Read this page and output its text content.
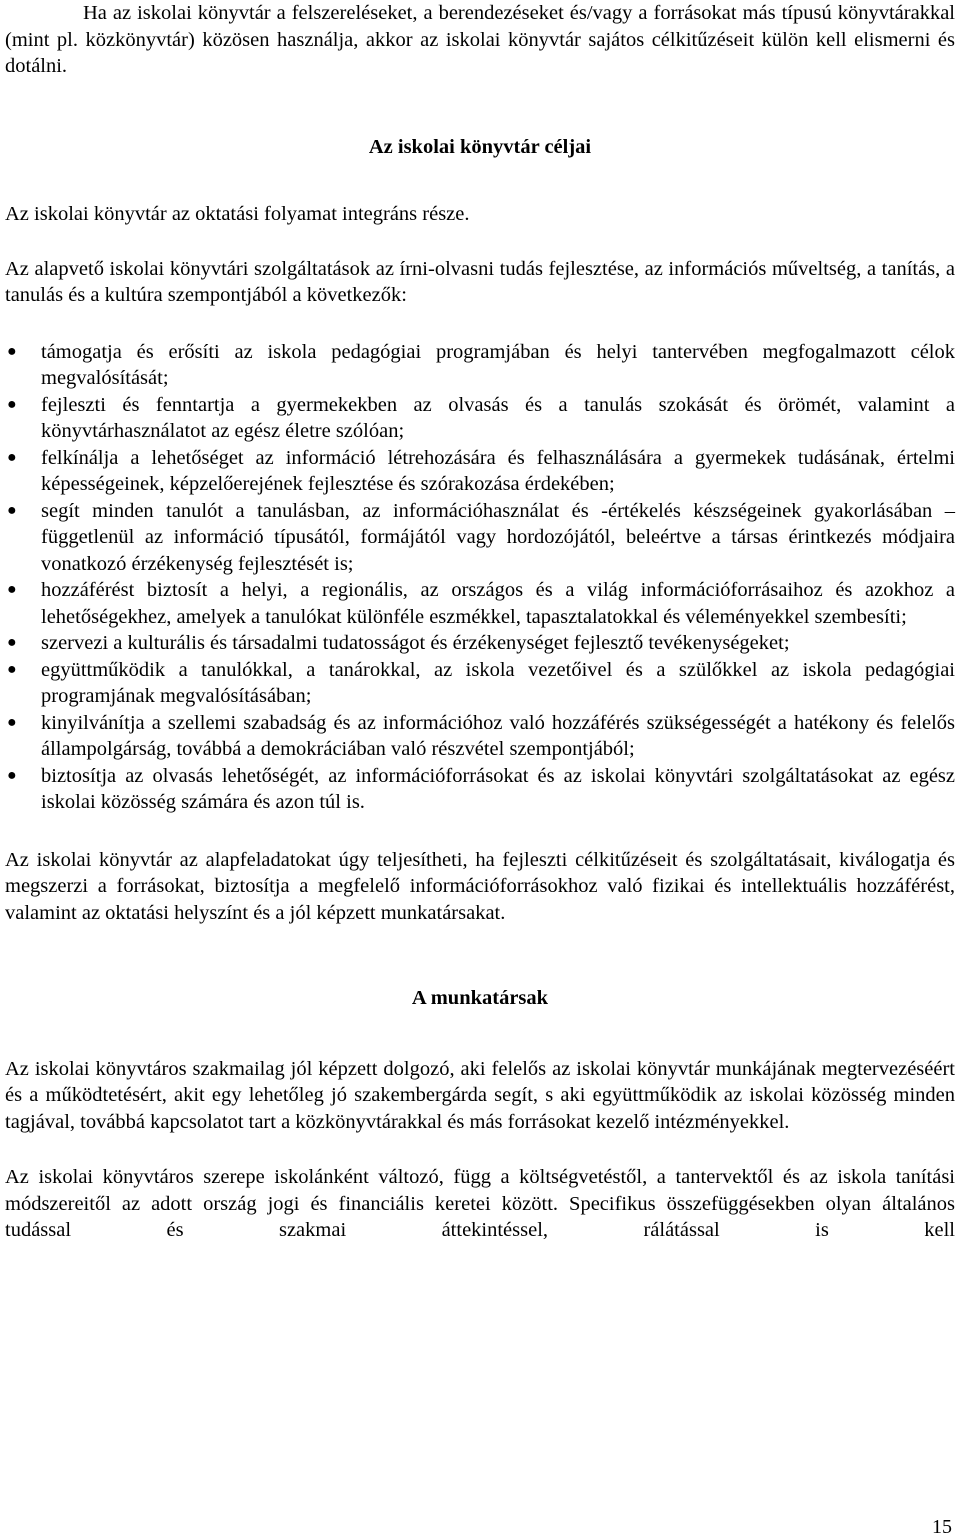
Ha az iskolai könyvtár a felszereléseket, a berendezéseket és/vagy a forrásokat más típusú könyvtárakkal (mint pl. közkönyvtár) közösen használja, akkor az iskolai könyvtár sajátos célkitűzéseit külön kell elismerni és dotálni.

Az iskolai könyvtár céljai

Az iskolai könyvtár az oktatási folyamat integráns része.

Az alapvető iskolai könyvtári szolgáltatások az írni-olvasni tudás fejlesztése, az információs műveltség, a tanítás, a tanulás és a kultúra szempontjából a következők:

● támogatja és erősíti az iskola pedagógiai programjában és helyi tantervében megfogalmazott célok megvalósítását;
● fejleszti és fenntartja a gyermekekben az olvasás és a tanulás szokását és örömét, valamint a könyvtárhasználatot az egész életre szólóan;
● felkínálja a lehetőséget az információ létrehozására és felhasználására a gyermekek tudásának, értelmi képességeinek, képzelőerejének fejlesztése és szórakozása érdekében;
● segít minden tanulót a tanulásban, az információhasználat és -értékelés készségeinek gyakorlásában – függetlenül az információ típusától, formájától vagy hordozójától, beleértve a társas érintkezés módjaira vonatkozó érzékenység fejlesztését is;
● hozzáférést biztosít a helyi, a regionális, az országos és a világ információforrásaihoz és azokhoz a lehetőségekhez, amelyek a tanulókat különféle eszmékkel, tapasztalatokkal és véleményekkel szembesíti;
● szervezi a kulturális és társadalmi tudatosságot és érzékenységet fejlesztő tevékenységeket;
● együttműködik a tanulókkal, a tanárokkal, az iskola vezetőivel és a szülőkkel az iskola pedagógiai programjának megvalósításában;
● kinyilvánítja a szellemi szabadság és az információhoz való hozzáférés szükségességét a hatékony és felelős állampolgárság, továbbá a demokráciában való részvétel szempontjából;
● biztosítja az olvasás lehetőségét, az információforrásokat és az iskolai könyvtári szolgáltatásokat az egész iskolai közösség számára és azon túl is.

Az iskolai könyvtár az alapfeladatokat úgy teljesítheti, ha fejleszti célkitűzéseit és szolgáltatásait, kiválogatja és megszerzi a forrásokat, biztosítja a megfelelő információforrásokhoz való fizikai és intellektuális hozzáférést, valamint az oktatási helyszínt és a jól képzett munkatársakat.

A munkatársak

Az iskolai könyvtáros szakmailag jól képzett dolgozó, aki felelős az iskolai könyvtár munkájának megtervezéséért és a működtetésért, akit egy lehetőleg jó szakembergárda segít, s aki együttműködik az iskolai közösség minden tagjával, továbbá kapcsolatot tart a közkönyvtárakkal és más forrásokat kezelő intézményekkel.

Az iskolai könyvtáros szerepe iskolánként változó, függ a költségvetéstől, a tantervektől és az iskola tanítási módszereitől az adott ország jogi és financiális keretei között. Specifikus összefüggésekben olyan általános tudással és szakmai áttekintéssel, rálátással is kell

15
